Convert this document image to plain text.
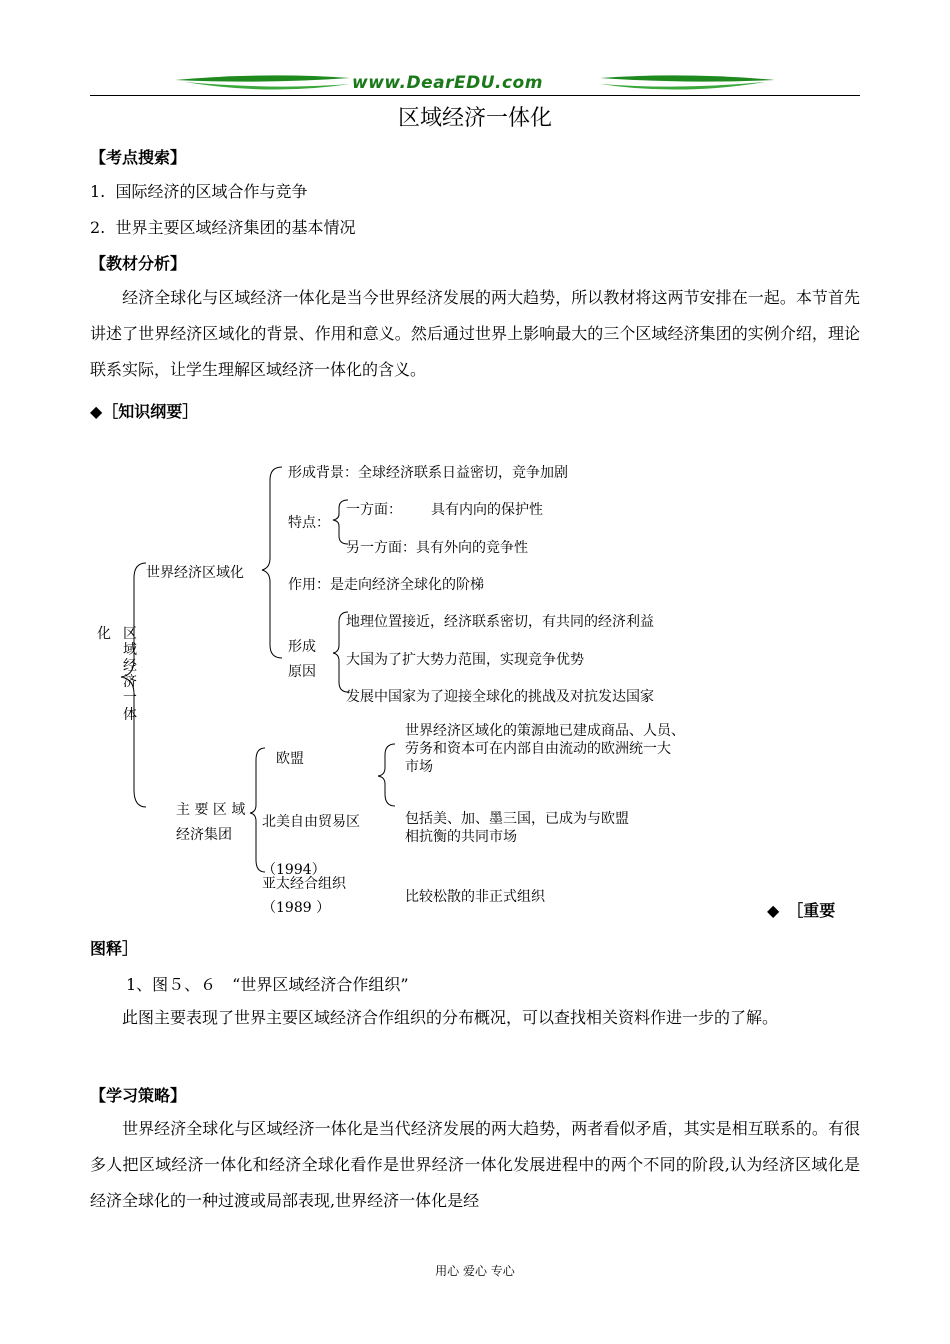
www.DearEDU.com
区域经济一体化
【考点搜索】
1.  国际经济的区域合作与竞争
2.  世界主要区域经济集团的基本情况
【教材分析】
　　经济全球化与区域经济一体化是当今世界经济发展的两大趋势，所以教材将这两节安排在一起。本节首先讲述了世界经济区域化的背景、作用和意义。然后通过世界上影响最大的三个区域经济集团的实例介绍，理论联系实际，让学生理解区域经济一体化的含义。
◆［知识纲要］
化 区
域
经
济
一
体
世界经济区域化
形成背景：全球经济联系日益密切，竞争加剧
特点：
一方面： 具有内向的保护性
另一方面：具有外向的竞争性
作用：是走向经济全球化的阶梯
形成
原因
地理位置接近，经济联系密切，有共同的经济利益
大国为了扩大势力范围，实现竞争优势
发展中国家为了迎接全球化的挑战及对抗发达国家
主 要 区 域
经济集团
欧盟
世界经济区域化的策源地已建成商品、人员、
劳务和资本可在内部自由流动的欧洲统一大
市场
北美自由贸易区
（1994）
包括美、加、墨三国，已成为与欧盟
相抗衡的共同市场
亚太经合组织
（1989 ）
比较松散的非正式组织
◆　［重要
图释］
1、图５、６　“世界区域经济合作组织”
　　此图主要表现了世界主要区域经济合作组织的分布概况，可以查找相关资料作进一步的了解。
【学习策略】
　　世界经济全球化与区域经济一体化是当代经济发展的两大趋势，两者看似矛盾，其实是相互联系的。有很多人把区域经济一体化和经济全球化看作是世界经济一体化发展进程中的两个不同的阶段,认为经济区域化是经济全球化的一种过渡或局部表现,世界经济一体化是经
用心 爱心 专心
